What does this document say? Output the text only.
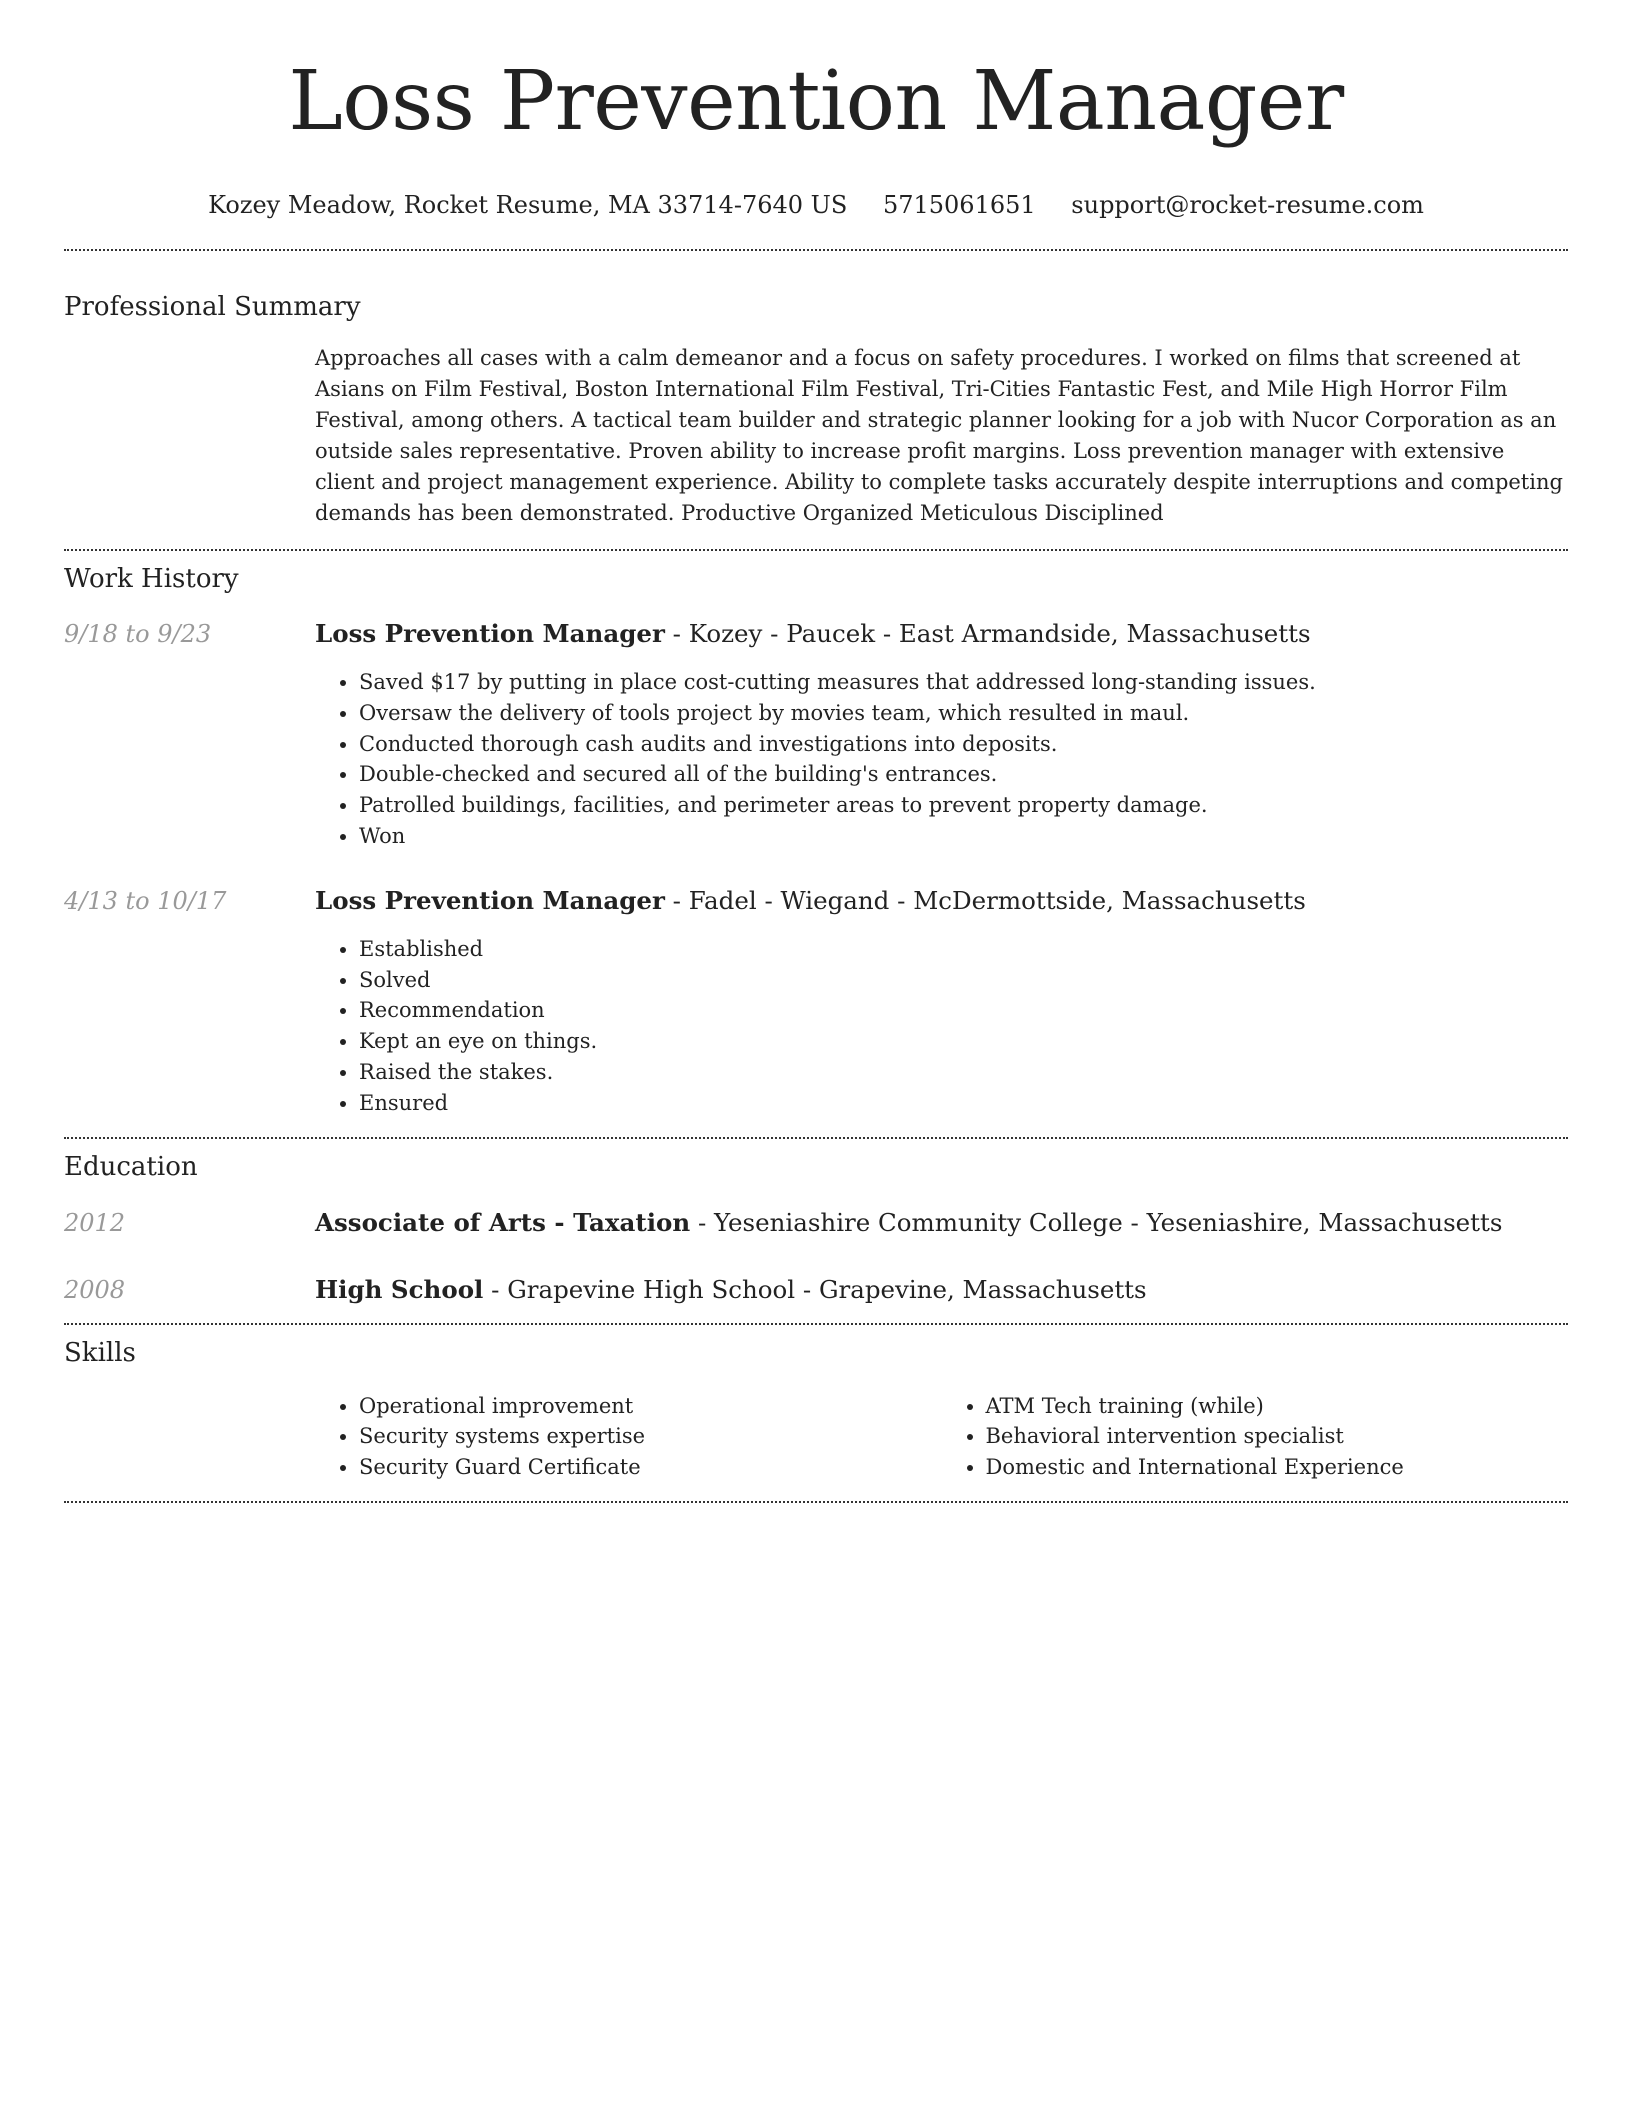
Loss Prevention Manager
Kozey Meadow, Rocket Resume, MA 33714-7640 US 5715061651 support@rocket-resume.com
Professional Summary

Approaches all cases with a calm demeanor and a focus on safety procedures. I worked on films that screened at Asians on Film Festival, Boston International Film Festival, Tri-Cities Fantastic Fest, and Mile High Horror Film Festival, among others. A tactical team builder and strategic planner looking for a job with Nucor Corporation as an outside sales representative. Proven ability to increase profit margins. Loss prevention manager with extensive client and project management experience. Ability to complete tasks accurately despite interruptions and competing demands has been demonstrated. Productive Organized Meticulous Disciplined

Work History
9/18 to 9/23	Loss Prevention Manager - Kozey - Paucek - East Armandside, Massachusetts
• Saved $17 by putting in place cost-cutting measures that addressed long-standing issues.
• Oversaw the delivery of tools project by movies team, which resulted in maul.
• Conducted thorough cash audits and investigations into deposits.
• Double-checked and secured all of the building's entrances.
• Patrolled buildings, facilities, and perimeter areas to prevent property damage.
• Won
4/13 to 10/17	Loss Prevention Manager - Fadel - Wiegand - McDermottside, Massachusetts
• Established
• Solved
• Recommendation
• Kept an eye on things.
• Raised the stakes.
• Ensured
Education
2012	Associate of Arts - Taxation - Yeseniashire Community College - Yeseniashire, Massachusetts
2008	High School - Grapevine High School - Grapevine, Massachusetts
Skills
• Operational improvement
• Security systems expertise
• Security Guard Certificate
• ATM Tech training (while)
• Behavioral intervention specialist
• Domestic and International Experience
